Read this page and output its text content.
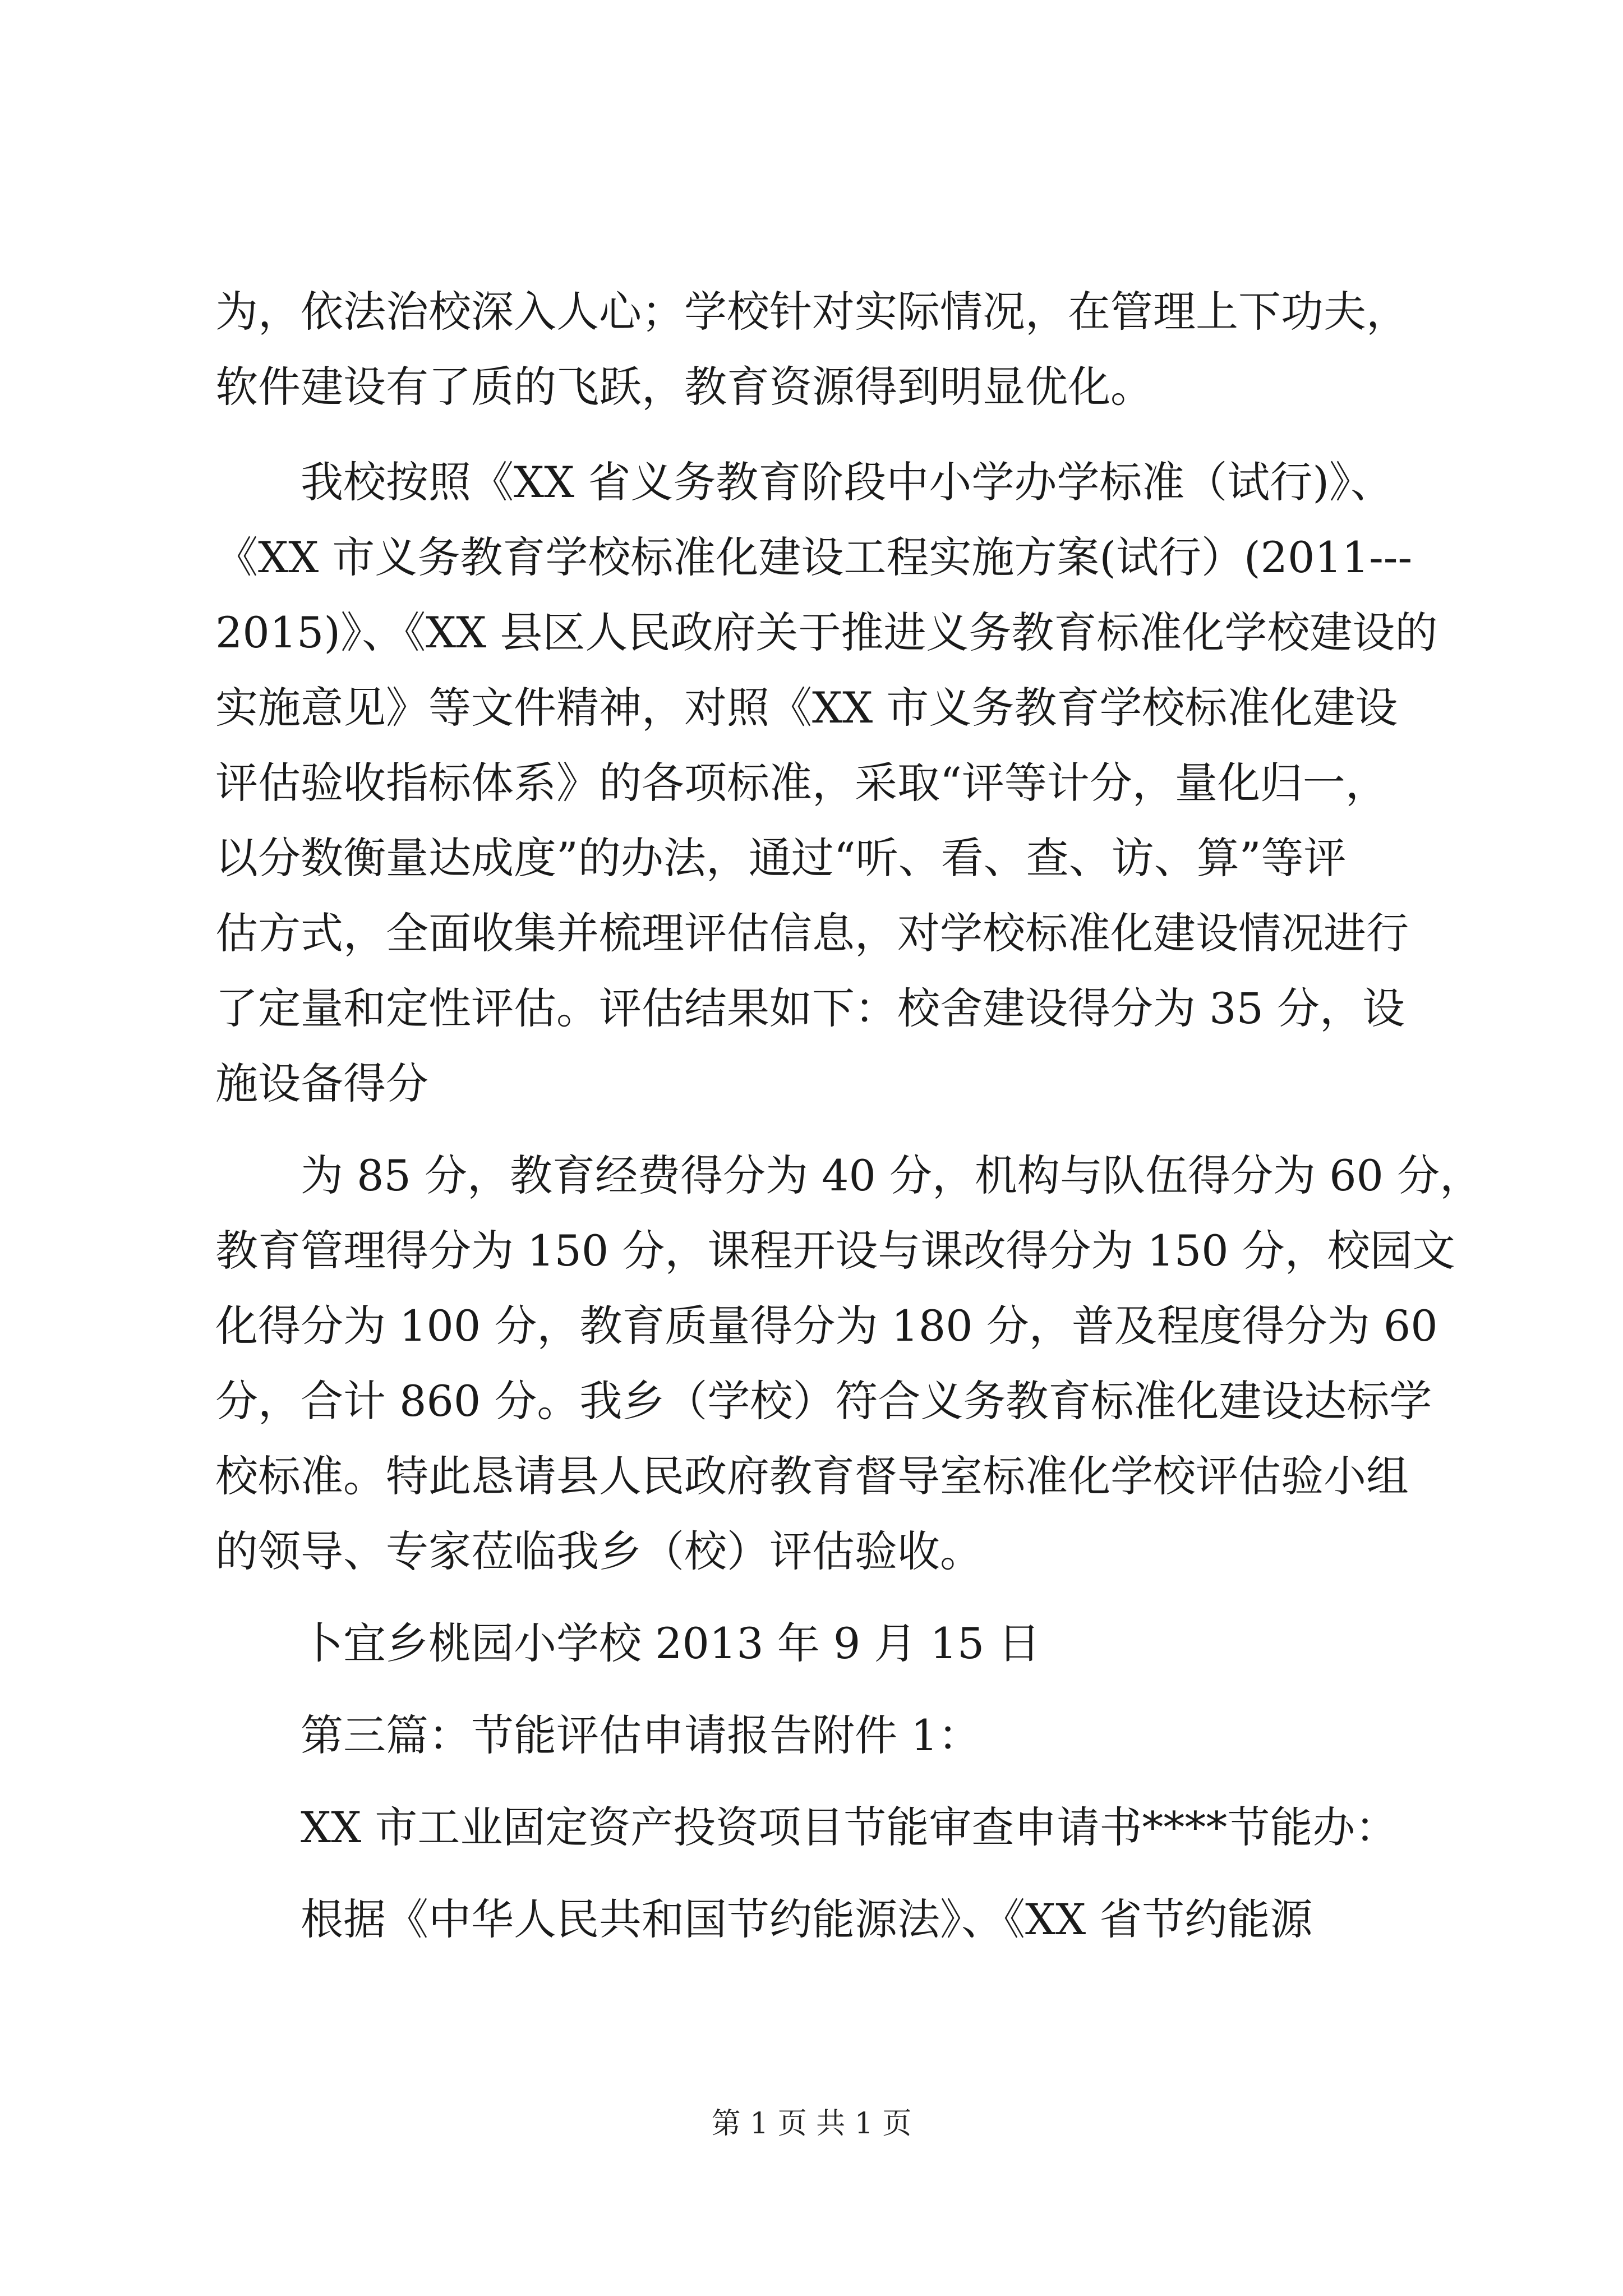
为，依法治校深入人心；学校针对实际情况，在管理上下功夫，
软件建设有了质的飞跃，教育资源得到明显优化。
我校按照《XX 省义务教育阶段中小学办学标准（试行)》、
《XX 市义务教育学校标准化建设工程实施方案(试行）(2011---
2015)》、《XX 县区人民政府关于推进义务教育标准化学校建设的
实施意见》等文件精神，对照《XX 市义务教育学校标准化建设
评估验收指标体系》的各项标准，采取“评等计分，量化归一，
以分数衡量达成度”的办法，通过“听、看、查、访、算”等评
估方式，全面收集并梳理评估信息，对学校标准化建设情况进行
了定量和定性评估。评估结果如下：校舍建设得分为 35 分，设
施设备得分
为 85 分，教育经费得分为 40 分，机构与队伍得分为 60 分，
教育管理得分为 150 分，课程开设与课改得分为 150 分，校园文
化得分为 100 分，教育质量得分为 180 分，普及程度得分为 60
分，合计 860 分。我乡（学校）符合义务教育标准化建设达标学
校标准。特此恳请县人民政府教育督导室标准化学校评估验小组
的领导、专家莅临我乡（校）评估验收。
卜宜乡桃园小学校 2013 年 9 月 15 日
第三篇：节能评估申请报告附件 1：
XX 市工业固定资产投资项目节能审查申请书****节能办：
根据《中华人民共和国节约能源法》、《XX 省节约能源
第 1 页 共 1 页
